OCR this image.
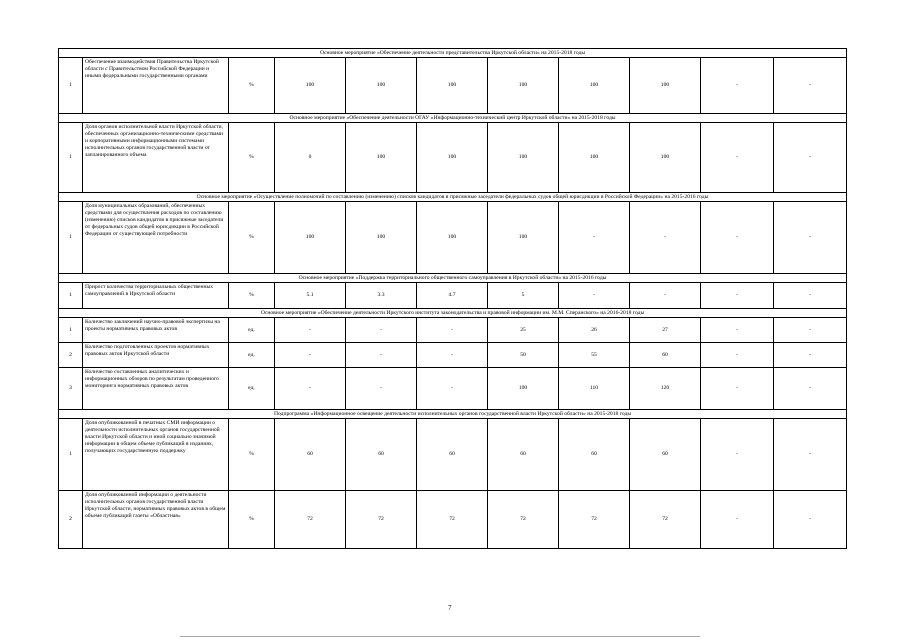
Основное мероприятие «Обеспечение деятельности представительства Иркутской области» на 2015-2018 годы										
1	Обеспечение взаимодействия Правительства Иркутской области с Правительством Российской Федерации и иными федеральными государственными органами	%	100	100	100	100	100	100	-	-
Основное мероприятие «Обеспечение деятельности ОГАУ «Информационно-технический центр Иркутской области» на 2015-2018 годы										
1	Доля органов исполнительной власти Иркутской области, обеспеченных организационно-техническими средствами и корпоративными информационными системами исполнительных органов государственной власти от запланированного объема	%	0	100	100	100	100	100	-	-
Основное мероприятие «Осуществление полномочий по составлению (изменению) списков кандидатов в присяжные заседатели федеральных судов общей юрисдикции в Российской Федерации» на 2015-2016 годы										
1	Доля муниципальных образований, обеспеченных средствами для осуществления расходов по составлению (изменению) списков кандидатов в присяжные заседатели от федеральных судов общей юрисдикции в Российской Федерации от существующей потребности	%	100	100	100	100	-	-	-	-
Основное мероприятие «Поддержка территориального общественного самоуправления в Иркутской области» на 2015-2016 годы										
1	Прирост количества территориальных общественных самоуправлений в Иркутской области	%	5.1	3.3	4.7	5	-	-	-	-
Основное мероприятие «Обеспечение деятельности Иркутского института законодательства и правовой информации им. М.М. Сперанского» на 2016-2018 годы										
1	Количество заключений научно-правовой экспертизы на проекты нормативных правовых актов	ед.	-	-	-	25	26	27	-	-
2	Количество подготовленных проектов нормативных правовых актов Иркутской области	ед.	-	-	-	50	55	60	-	-
3	Количество составленных аналитических и информационных обзоров по результатам проведенного мониторинга нормативных правовых актов	ед.	-	-	-	100	110	120	-	-
Подпрограмма «Информационное освещение деятельности исполнительных органов государственной власти Иркутской области» на 2015-2018 годы										
1	Доля опубликованной в печатных СМИ информации о деятельности исполнительных органов государственной власти Иркутской области и иной социально значимой информации в общем объеме публикаций в изданиях, получающих государственную поддержку	%	60	60	60	60	60	60	-	-
2	Доля опубликованной информации о деятельности исполнительных органов государственной власти Иркутской области, нормативных правовых актов в общем объеме публикаций газеты «Областная»	%	72	72	72	72	72	72	-	-
7
